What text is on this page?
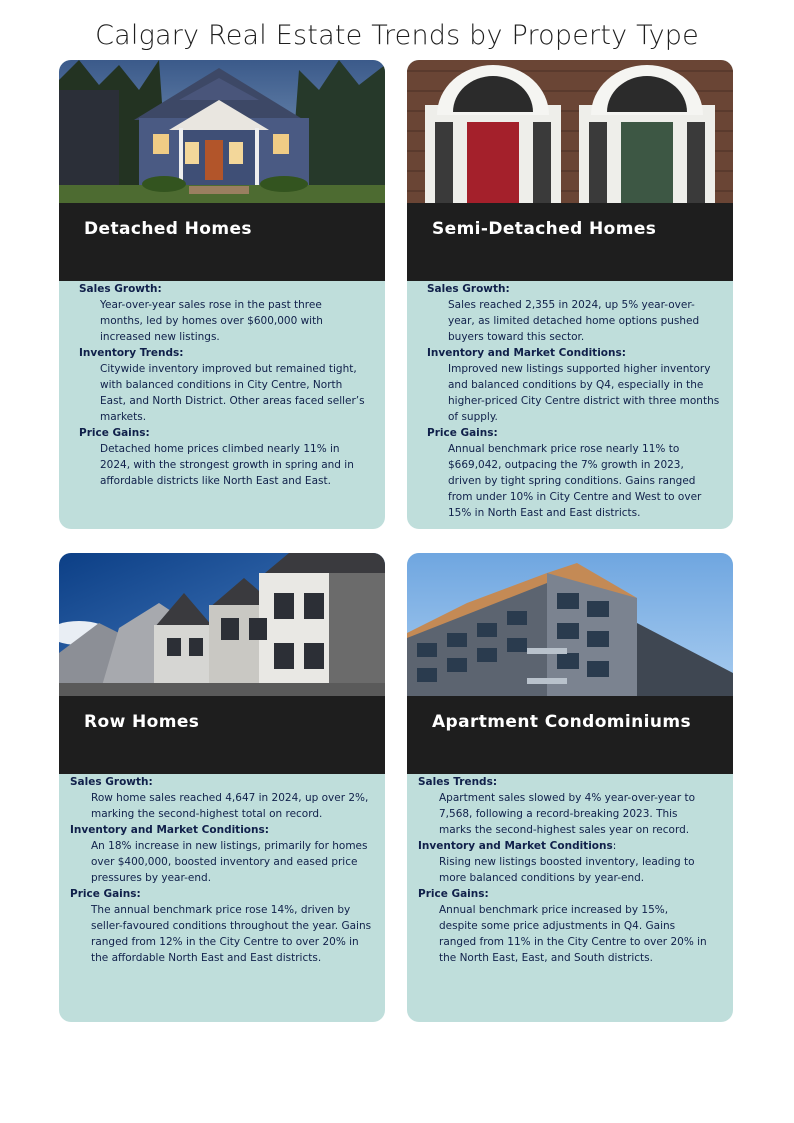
Calgary Real Estate Trends by Property Type
Detached Homes

Sales Growth:

Year-over-year sales rose in the past three months, led by homes over $600,000 with increased new listings.

Inventory Trends:

Citywide inventory improved but remained tight, with balanced conditions in City Centre, North East, and North District. Other areas faced seller’s markets.

Price Gains:

Detached home prices climbed nearly 11% in 2024, with the strongest growth in spring and in affordable districts like North East and East.

Semi-Detached Homes

Sales Growth:

Sales reached 2,355 in 2024, up 5% year-over-year, as limited detached home options pushed buyers toward this sector.

Inventory and Market Conditions:

Improved new listings supported higher inventory and balanced conditions by Q4, especially in the higher-priced City Centre district with three months of supply.

Price Gains:

Annual benchmark price rose nearly 11% to $669,042, outpacing the 7% growth in 2023, driven by tight spring conditions. Gains ranged from under 10% in City Centre and West to over 15% in North East and East districts.

Row Homes

Sales Growth:

Row home sales reached 4,647 in 2024, up over 2%, marking the second-highest total on record.

Inventory and Market Conditions:

An 18% increase in new listings, primarily for homes over $400,000, boosted inventory and eased price pressures by year-end.

Price Gains:

The annual benchmark price rose 14%, driven by seller-favoured conditions throughout the year. Gains ranged from 12% in the City Centre to over 20% in the affordable North East and East districts.

Apartment Condominiums

Sales Trends:

Apartment sales slowed by 4% year-over-year to 7,568, following a record-breaking 2023. This marks the second-highest sales year on record.

Inventory and Market Conditions:

Rising new listings boosted inventory, leading to more balanced conditions by year-end.

Price Gains:

Annual benchmark price increased by 15%, despite some price adjustments in Q4. Gains ranged from 11% in the City Centre to over 20% in the North East, East, and South districts.
